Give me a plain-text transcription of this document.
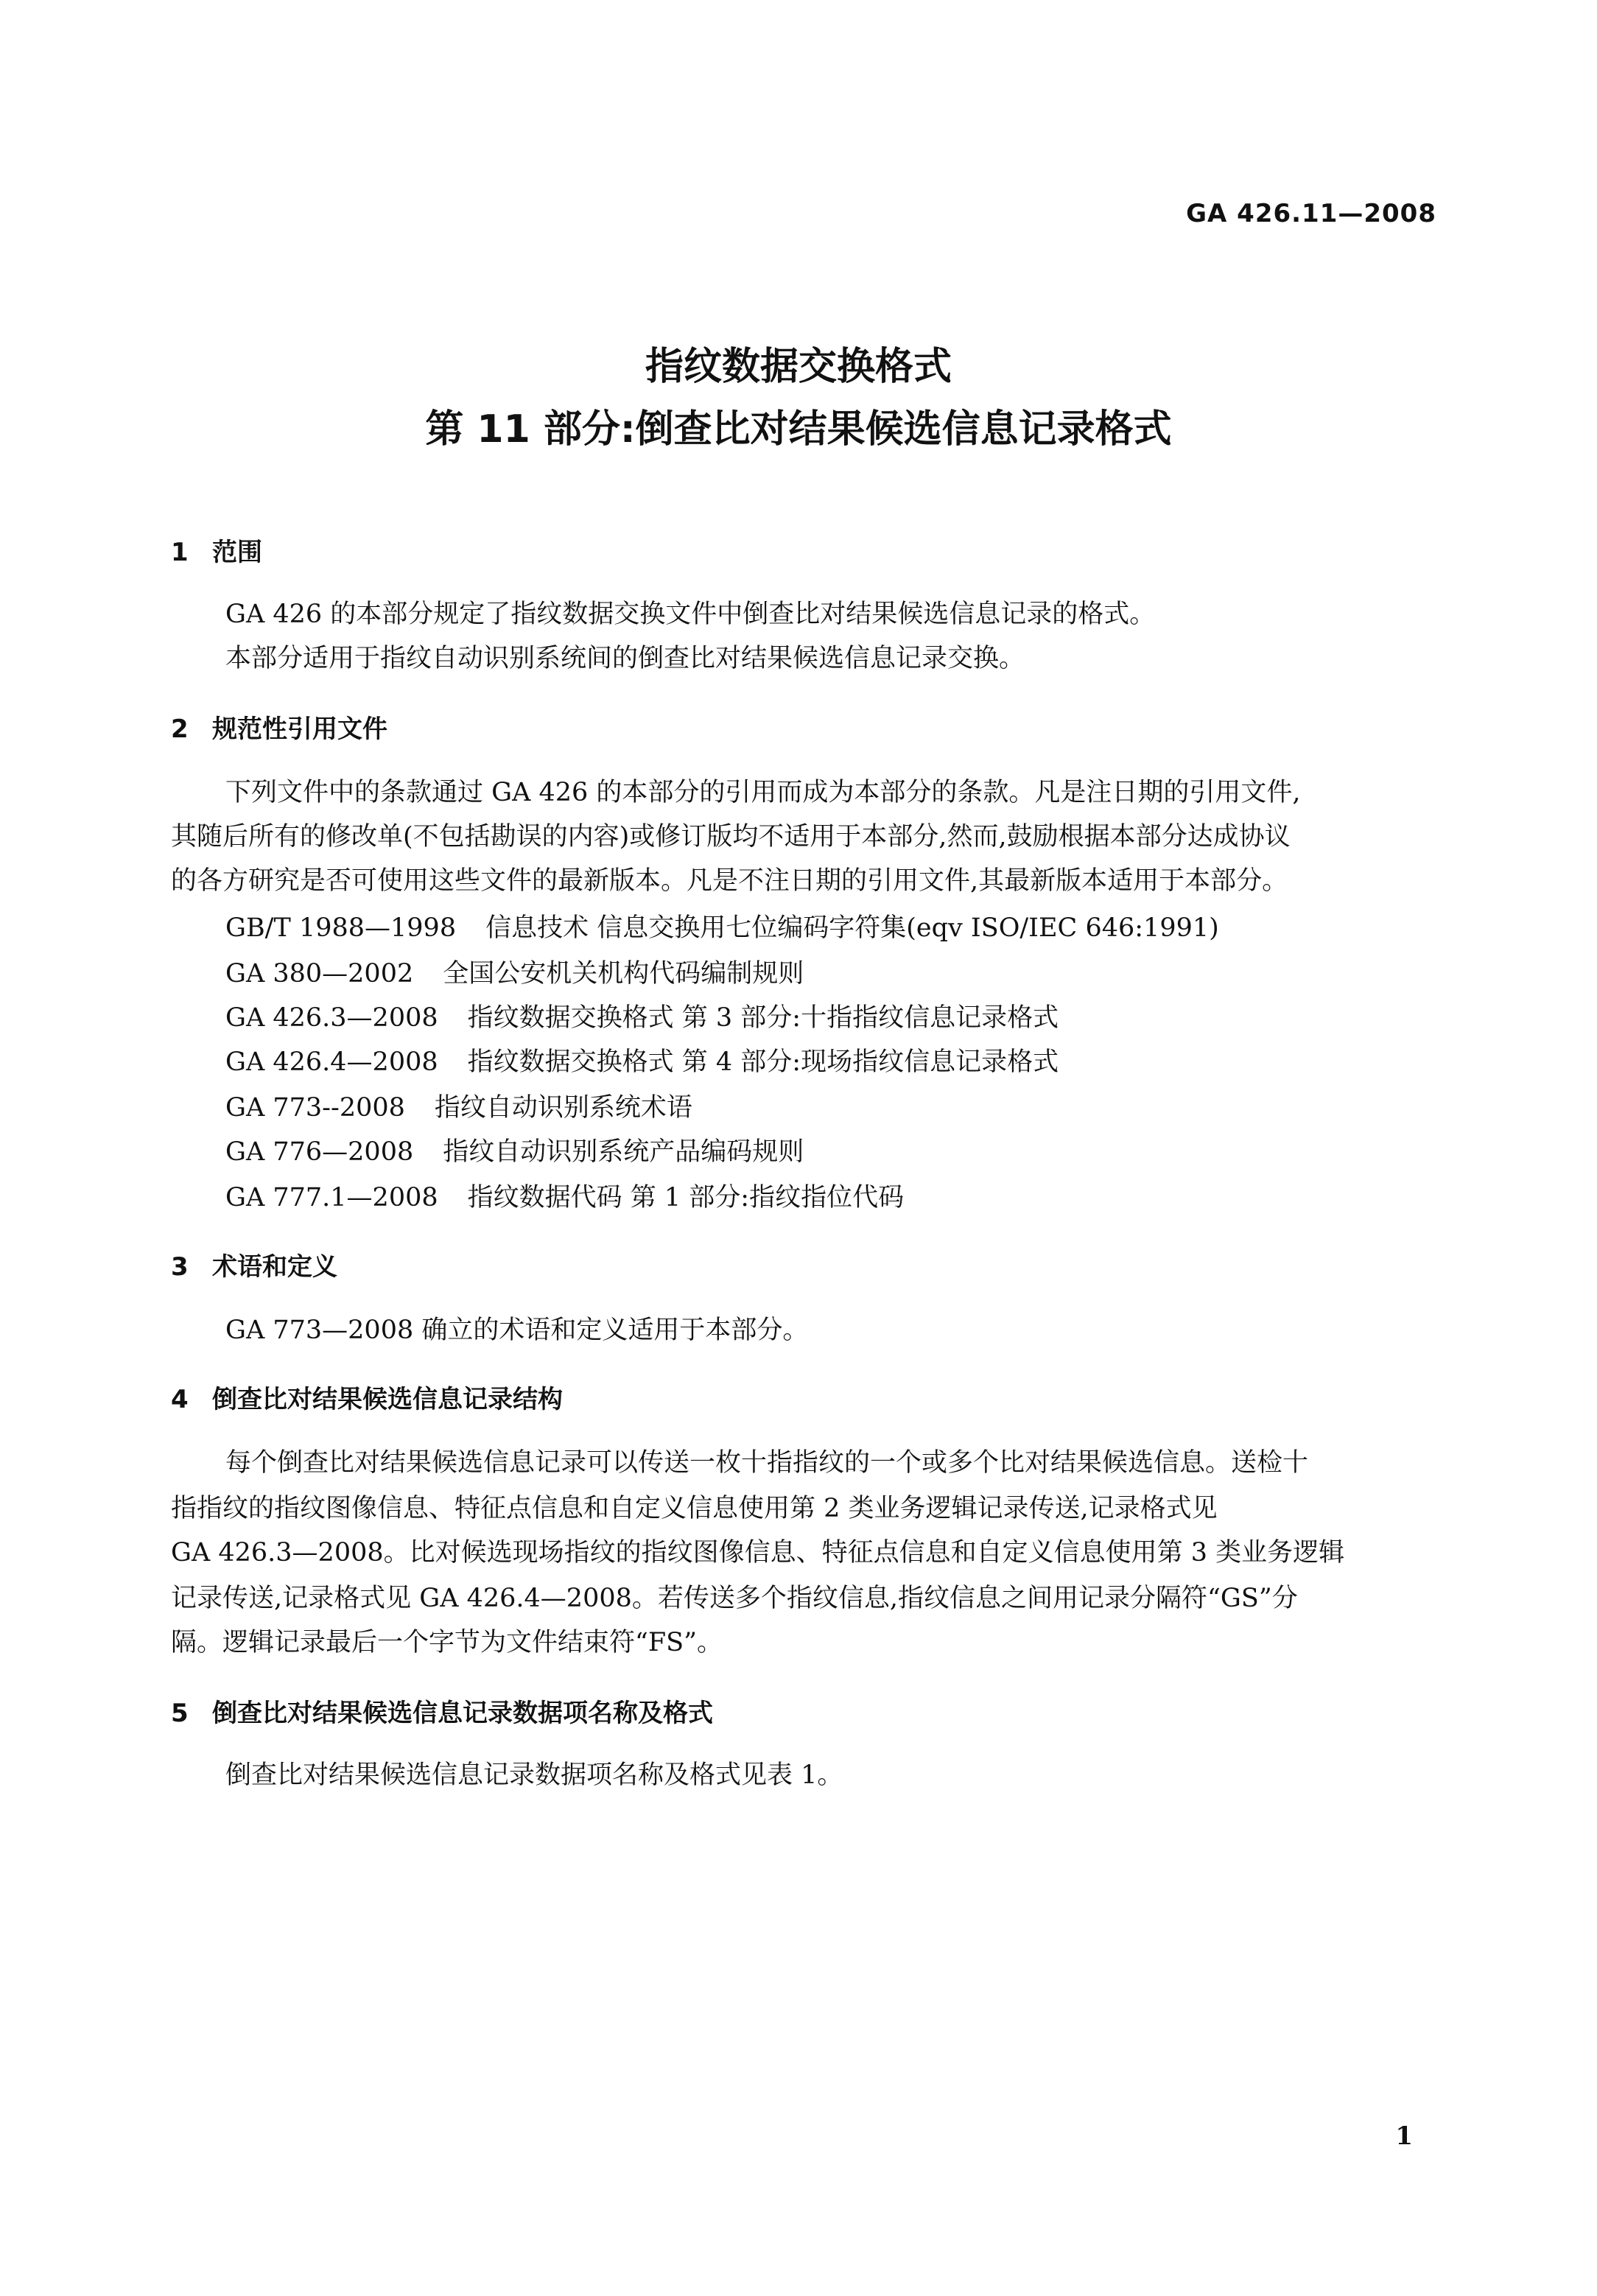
GA 426.11—2008
指纹数据交换格式
第 11 部分:倒查比对结果候选信息记录格式
1 范围
GA 426 的本部分规定了指纹数据交换文件中倒查比对结果候选信息记录的格式。
本部分适用于指纹自动识别系统间的倒查比对结果候选信息记录交换。
2 规范性引用文件
下列文件中的条款通过 GA 426 的本部分的引用而成为本部分的条款。凡是注日期的引用文件,
其随后所有的修改单(不包括勘误的内容)或修订版均不适用于本部分,然而,鼓励根据本部分达成协议
的各方研究是否可使用这些文件的最新版本。凡是不注日期的引用文件,其最新版本适用于本部分。
GB/T 1988—1998 信息技术 信息交换用七位编码字符集(eqv ISO/IEC 646:1991)
GA 380—2002 全国公安机关机构代码编制规则
GA 426.3—2008 指纹数据交换格式 第 3 部分:十指指纹信息记录格式
GA 426.4—2008 指纹数据交换格式 第 4 部分:现场指纹信息记录格式
GA 773--2008 指纹自动识别系统术语
GA 776—2008 指纹自动识别系统产品编码规则
GA 777.1—2008 指纹数据代码 第 1 部分:指纹指位代码
3 术语和定义
GA 773—2008 确立的术语和定义适用于本部分。
4 倒查比对结果候选信息记录结构
每个倒查比对结果候选信息记录可以传送一枚十指指纹的一个或多个比对结果候选信息。送检十
指指纹的指纹图像信息、特征点信息和自定义信息使用第 2 类业务逻辑记录传送,记录格式见
GA 426.3—2008。比对候选现场指纹的指纹图像信息、特征点信息和自定义信息使用第 3 类业务逻辑
记录传送,记录格式见 GA 426.4—2008。若传送多个指纹信息,指纹信息之间用记录分隔符“GS”分
隔。逻辑记录最后一个字节为文件结束符“FS”。
5 倒查比对结果候选信息记录数据项名称及格式
倒查比对结果候选信息记录数据项名称及格式见表 1。
1
